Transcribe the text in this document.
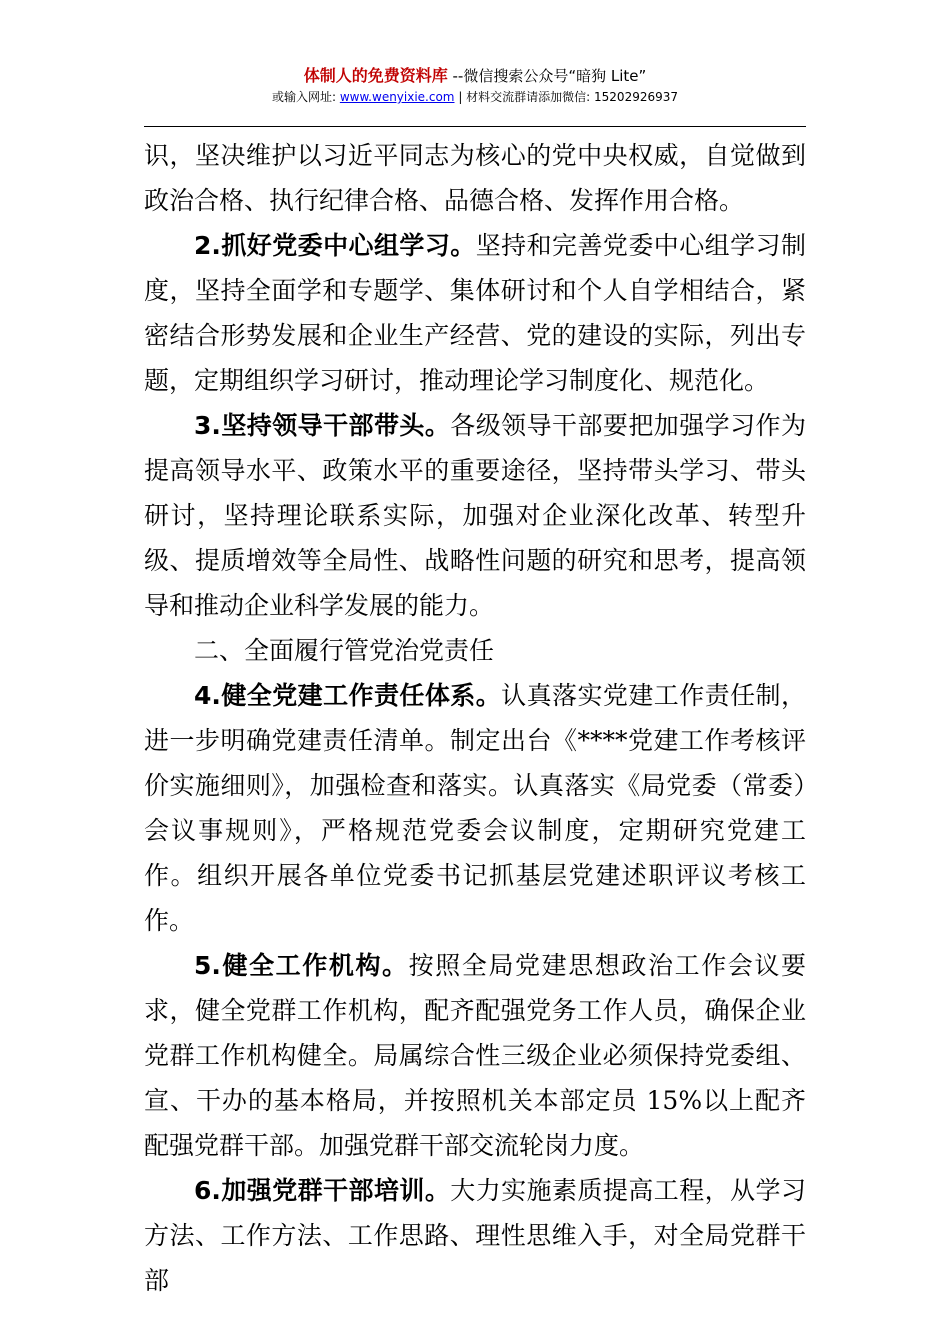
体制人的免费资料库 --微信搜索公众号“暗狗 Lite”
或输入网址: www.wenyixie.com | 材料交流群请添加微信: 15202926937

识，坚决维护以习近平同志为核心的党中央权威，自觉做到政治合格、执行纪律合格、品德合格、发挥作用合格。

2.抓好党委中心组学习。坚持和完善党委中心组学习制度，坚持全面学和专题学、集体研讨和个人自学相结合，紧密结合形势发展和企业生产经营、党的建设的实际，列出专题，定期组织学习研讨，推动理论学习制度化、规范化。

3.坚持领导干部带头。各级领导干部要把加强学习作为提高领导水平、政策水平的重要途径，坚持带头学习、带头研讨，坚持理论联系实际，加强对企业深化改革、转型升级、提质增效等全局性、战略性问题的研究和思考，提高领导和推动企业科学发展的能力。

二、全面履行管党治党责任

4.健全党建工作责任体系。认真落实党建工作责任制，进一步明确党建责任清单。制定出台《****党建工作考核评价实施细则》，加强检查和落实。认真落实《局党委（常委）会议事规则》，严格规范党委会议制度，定期研究党建工作。组织开展各单位党委书记抓基层党建述职评议考核工作。

5.健全工作机构。按照全局党建思想政治工作会议要求，健全党群工作机构，配齐配强党务工作人员，确保企业党群工作机构健全。局属综合性三级企业必须保持党委组、宣、干办的基本格局，并按照机关本部定员 15%以上配齐配强党群干部。加强党群干部交流轮岗力度。

6.加强党群干部培训。大力实施素质提高工程，从学习方法、工作方法、工作思路、理性思维入手，对全局党群干部
